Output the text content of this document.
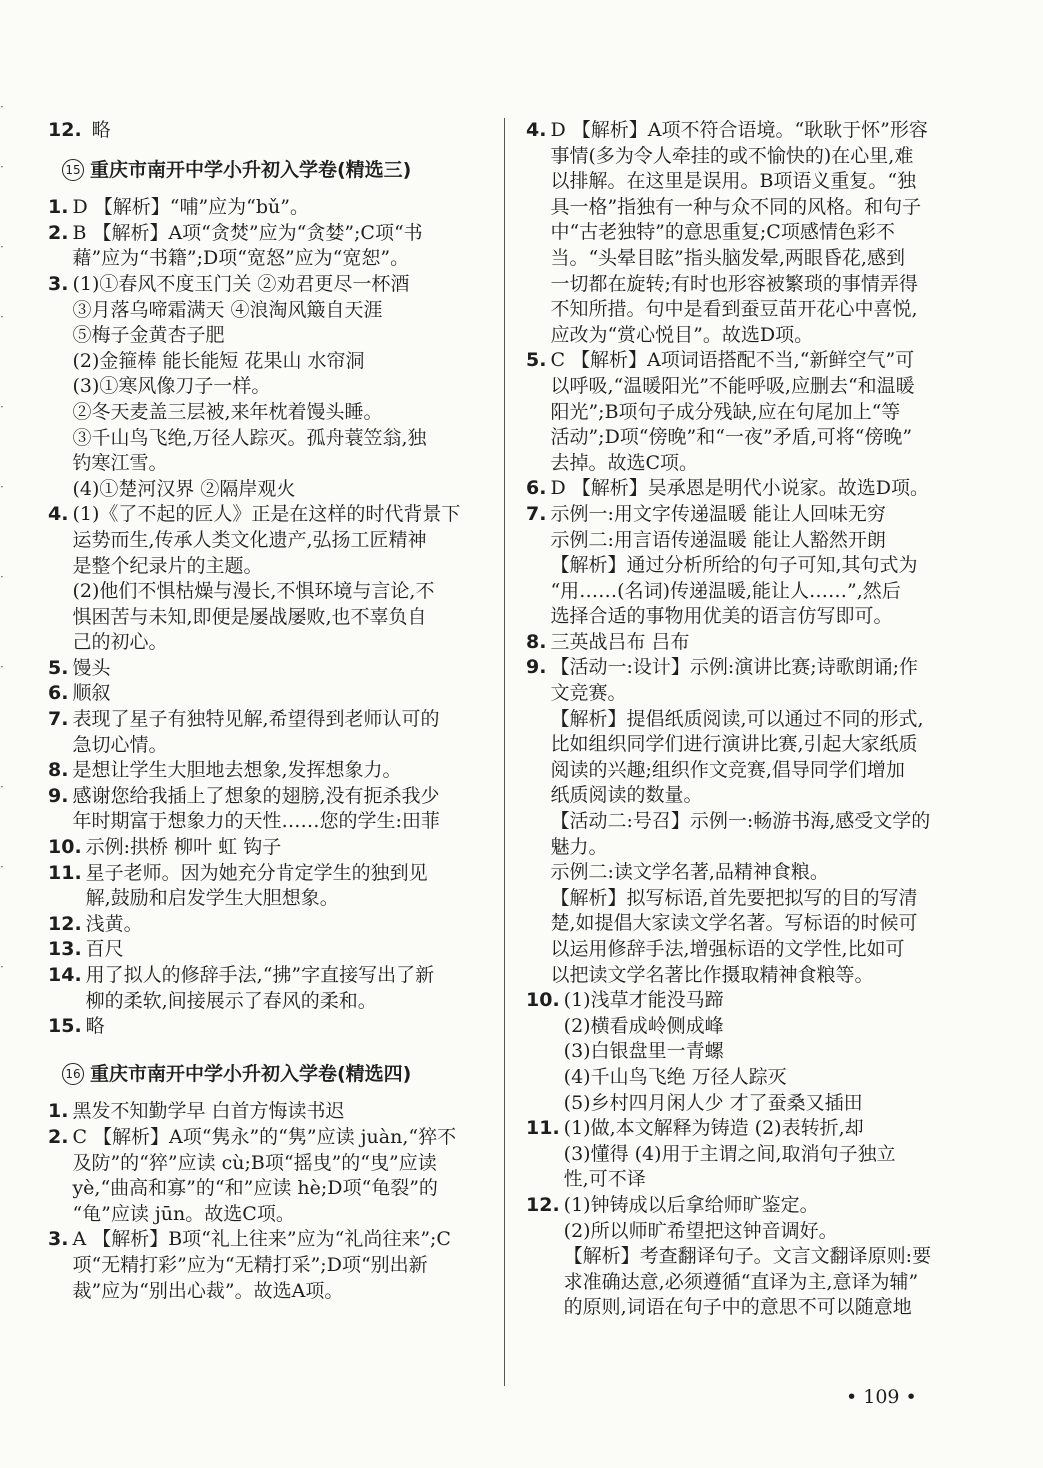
·
·
·
·
·
·
·
·
·
·
·
12. 略
15 重庆市南开中学小升初入学卷(精选三)
1. D 【解析】“哺”应为“bǔ”。
2. B 【解析】A项“贪焚”应为“贪婪”;C项“书
藉”应为“书籍”;D项“宽怒”应为“宽恕”。
3. (1)①春风不度玉门关 ②劝君更尽一杯酒
③月落乌啼霜满天 ④浪淘风簸自天涯
⑤梅子金黄杏子肥
(2)金箍棒 能长能短 花果山 水帘洞
(3)①寒风像刀子一样。
②冬天麦盖三层被,来年枕着馒头睡。
③千山鸟飞绝,万径人踪灭。孤舟蓑笠翁,独
钓寒江雪。
(4)①楚河汉界 ②隔岸观火
4. (1)《了不起的匠人》正是在这样的时代背景下
运势而生,传承人类文化遗产,弘扬工匠精神
是整个纪录片的主题。
(2)他们不惧枯燥与漫长,不惧环境与言论,不
惧困苦与未知,即便是屡战屡败,也不辜负自
己的初心。
5. 馒头
6. 顺叙
7. 表现了星子有独特见解,希望得到老师认可的
急切心情。
8. 是想让学生大胆地去想象,发挥想象力。
9. 感谢您给我插上了想象的翅膀,没有扼杀我少
年时期富于想象力的天性……您的学生:田菲
10. 示例:拱桥 柳叶 虹 钩子
11. 星子老师。因为她充分肯定学生的独到见
解,鼓励和启发学生大胆想象。
12. 浅黄。
13. 百尺
14. 用了拟人的修辞手法,“拂”字直接写出了新
柳的柔软,间接展示了春风的柔和。
15. 略
16 重庆市南开中学小升初入学卷(精选四)
1. 黑发不知勤学早 白首方悔读书迟
2. C 【解析】A项“隽永”的“隽”应读 juàn,“猝不
及防”的“猝”应读 cù;B项“摇曳”的“曳”应读
yè,“曲高和寡”的“和”应读 hè;D项“龟裂”的
“龟”应读 jūn。故选C项。
3. A 【解析】B项“礼上往来”应为“礼尚往来”;C
项“无精打彩”应为“无精打采”;D项“别出新
裁”应为“别出心裁”。故选A项。
4. D 【解析】A项不符合语境。“耿耿于怀”形容
事情(多为令人牵挂的或不愉快的)在心里,难
以排解。在这里是误用。B项语义重复。“独
具一格”指独有一种与众不同的风格。和句子
中“古老独特”的意思重复;C项感情色彩不
当。“头晕目眩”指头脑发晕,两眼昏花,感到
一切都在旋转;有时也形容被繁琐的事情弄得
不知所措。句中是看到蚕豆苗开花心中喜悦,
应改为“赏心悦目”。故选D项。
5. C 【解析】A项词语搭配不当,“新鲜空气”可
以呼吸,“温暖阳光”不能呼吸,应删去“和温暖
阳光”;B项句子成分残缺,应在句尾加上“等
活动”;D项“傍晚”和“一夜”矛盾,可将“傍晚”
去掉。故选C项。
6. D 【解析】吴承恩是明代小说家。故选D项。
7. 示例一:用文字传递温暖 能让人回味无穷
示例二:用言语传递温暖 能让人豁然开朗
【解析】通过分析所给的句子可知,其句式为
“用……(名词)传递温暖,能让人……”,然后
选择合适的事物用优美的语言仿写即可。
8. 三英战吕布 吕布
9. 【活动一:设计】示例:演讲比赛;诗歌朗诵;作
文竞赛。
【解析】提倡纸质阅读,可以通过不同的形式,
比如组织同学们进行演讲比赛,引起大家纸质
阅读的兴趣;组织作文竞赛,倡导同学们增加
纸质阅读的数量。
【活动二:号召】示例一:畅游书海,感受文学的
魅力。
示例二:读文学名著,品精神食粮。
【解析】拟写标语,首先要把拟写的目的写清
楚,如提倡大家读文学名著。写标语的时候可
以运用修辞手法,增强标语的文学性,比如可
以把读文学名著比作摄取精神食粮等。
10. (1)浅草才能没马蹄
(2)横看成岭侧成峰
(3)白银盘里一青螺
(4)千山鸟飞绝 万径人踪灭
(5)乡村四月闲人少 才了蚕桑又插田
11. (1)做,本文解释为铸造 (2)表转折,却
(3)懂得 (4)用于主谓之间,取消句子独立
性,可不译
12. (1)钟铸成以后拿给师旷鉴定。
(2)所以师旷希望把这钟音调好。
【解析】考查翻译句子。文言文翻译原则:要
求准确达意,必须遵循“直译为主,意译为辅”
的原则,词语在句子中的意思不可以随意地
• 109 •
